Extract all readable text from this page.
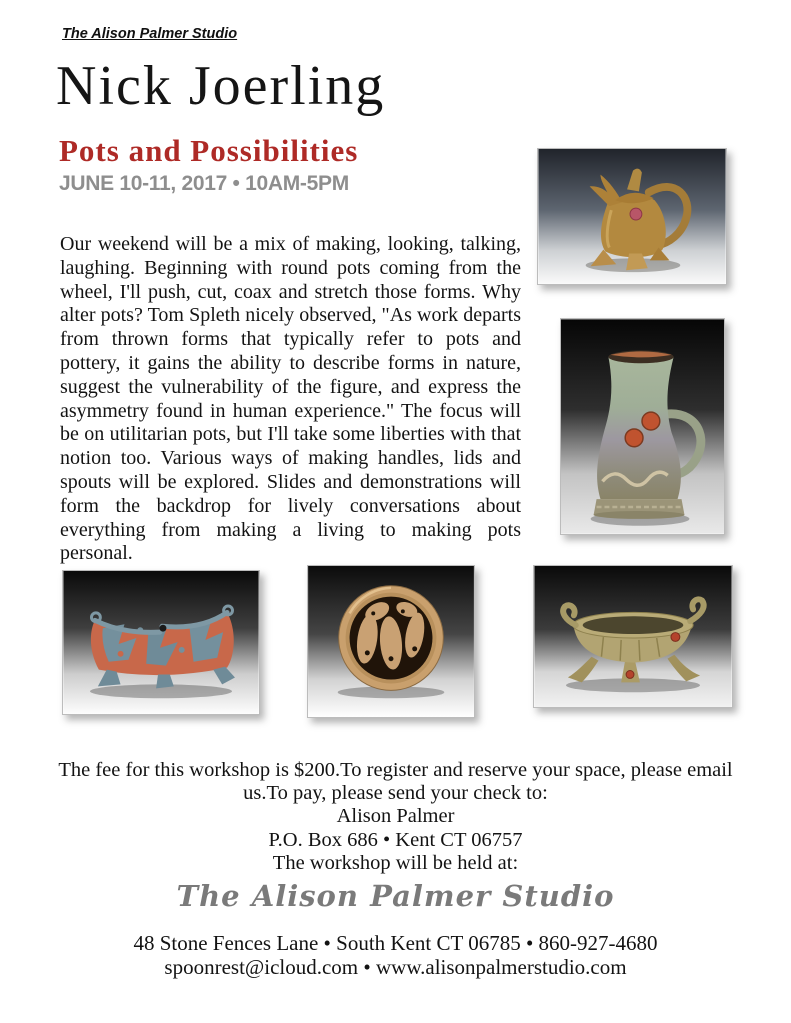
The Alison Palmer Studio
Nick Joerling
Pots and Possibilities
JUNE 10-11, 2017 • 10AM-5PM

Our weekend will be a mix of making, looking, talking, laughing. Beginning with round pots coming from the wheel, I'll push, cut, coax and stretch those forms. Why alter pots? Tom Spleth nicely observed, "As work departs from thrown forms that typically refer to pots and pottery, it gains the ability to describe forms in nature, suggest the vulnerability of the figure, and express the asymmetry found in human experience." The focus will be on utilitarian pots, but I'll take some liberties with that notion too. Various ways of making handles, lids and spouts will be explored. Slides and demonstrations will form the backdrop for lively conversations about everything from making a living to making pots personal.

The fee for this workshop is $200.To register and reserve your space, please email
us.To pay, please send your check to:
Alison Palmer
P.O. Box 686 • Kent CT 06757
The workshop will be held at:
The Alison Palmer Studio
48 Stone Fences Lane • South Kent CT 06785 • 860-927-4680
spoonrest@icloud.com • www.alisonpalmerstudio.com
